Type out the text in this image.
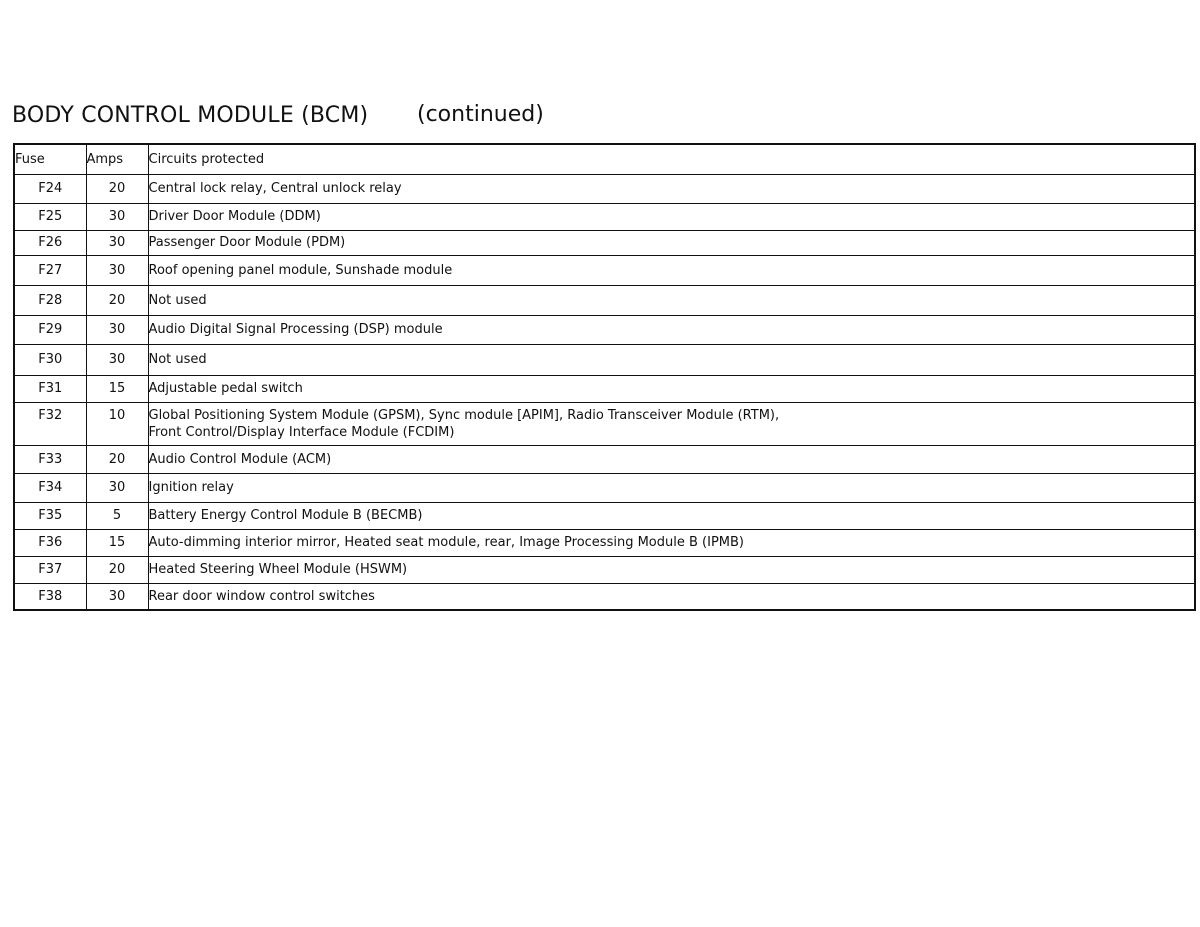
BODY CONTROL MODULE (BCM) (continued)
Fuse	Amps	Circuits protected
F24	20	Central lock relay, Central unlock relay

F25	30	Driver Door Module (DDM)

F26	30	Passenger Door Module (PDM)

F27	30	Roof opening panel module, Sunshade module

F28	20	Not used

F29	30	Audio Digital Signal Processing (DSP) module

F30	30	Not used

F31	15	Adjustable pedal switch

F32	10	Global Positioning System Module (GPSM), Sync module [APIM], Radio Transceiver Module (RTM),
Front Control/Display Interface Module (FCDIM)

F33	20	Audio Control Module (ACM)

F34	30	Ignition relay

F35	5	Battery Energy Control Module B (BECMB)

F36	15	Auto-dimming interior mirror, Heated seat module, rear, Image Processing Module B (IPMB)

F37	20	Heated Steering Wheel Module (HSWM)

F38	30	Rear door window control switches
